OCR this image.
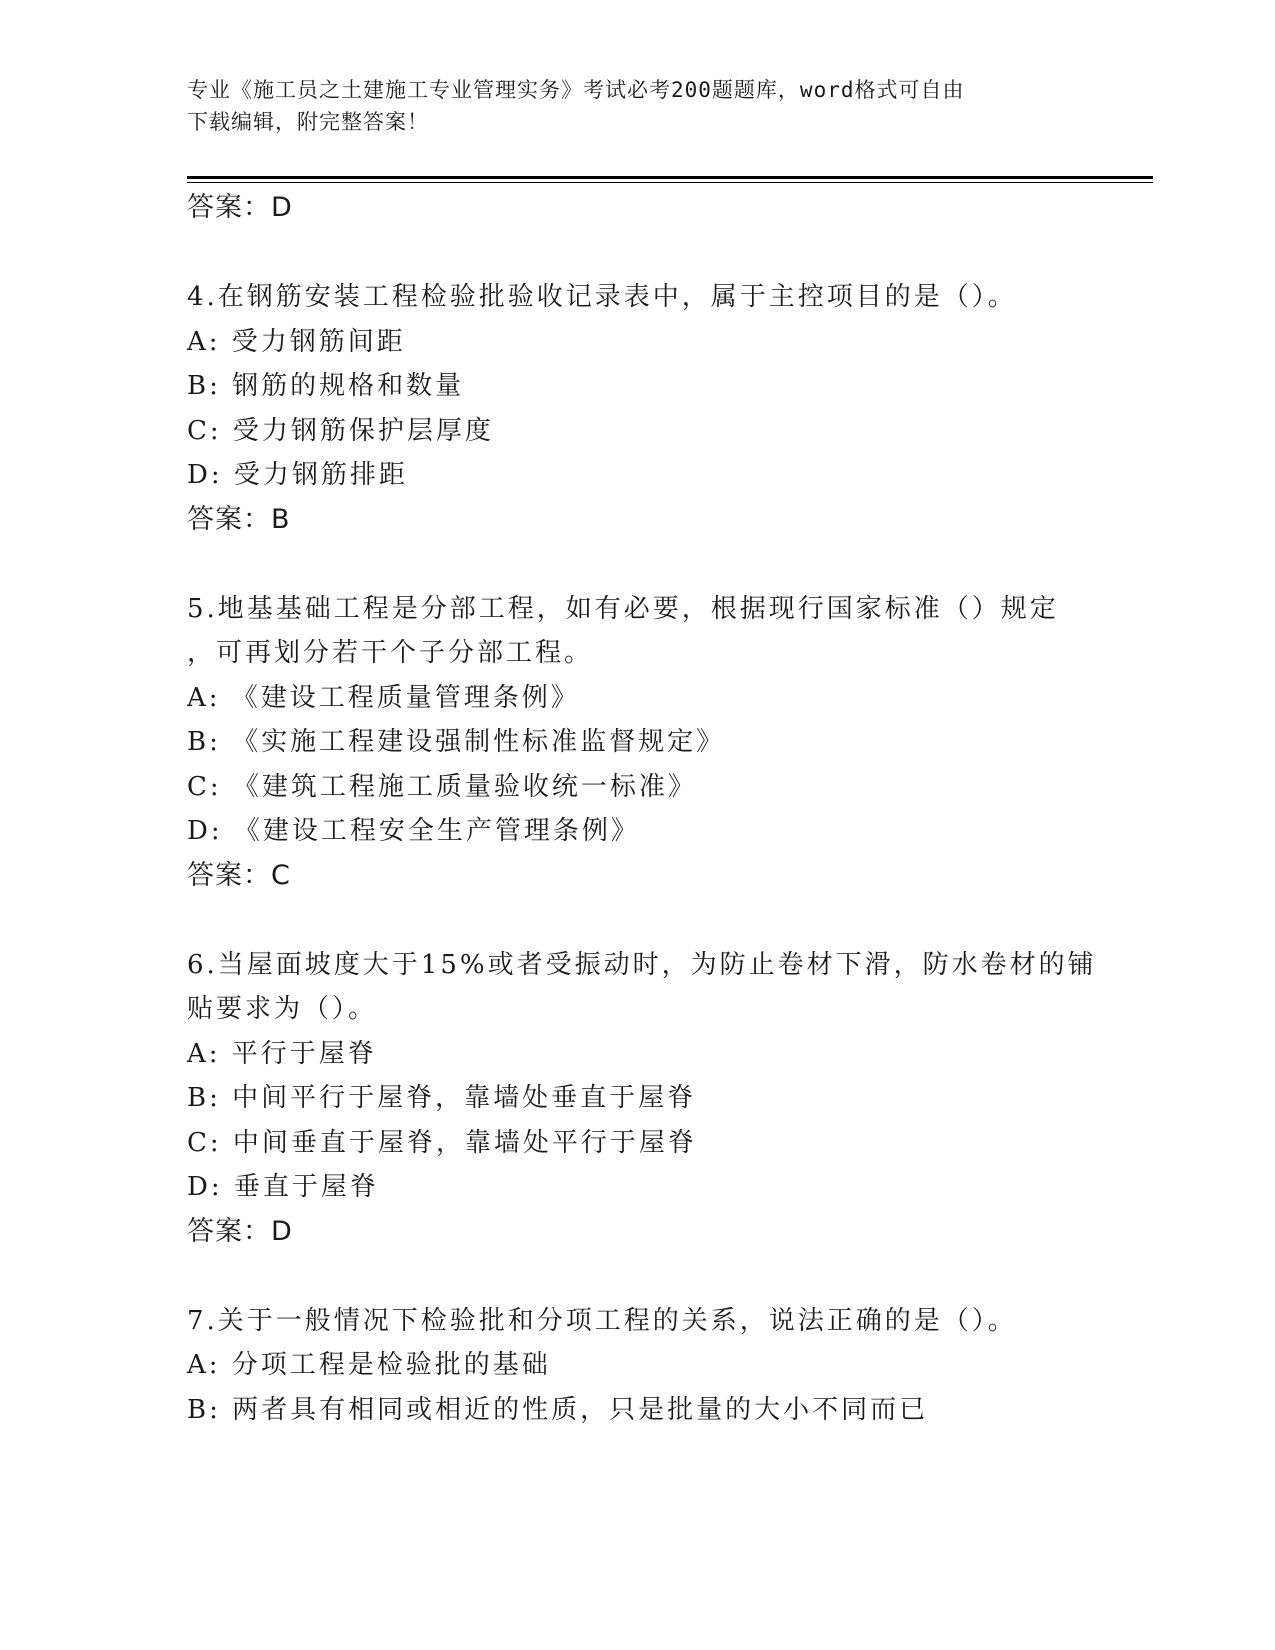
专业《施工员之土建施工专业管理实务》考试必考200题题库，word格式可自由
下载编辑，附完整答案！
答案：D
4.在钢筋安装工程检验批验收记录表中，属于主控项目的是（）。
A: 受力钢筋间距
B: 钢筋的规格和数量
C: 受力钢筋保护层厚度
D: 受力钢筋排距
答案：B
5.地基基础工程是分部工程，如有必要，根据现行国家标准（）规定
，可再划分若干个子分部工程。
A: 《建设工程质量管理条例》
B: 《实施工程建设强制性标准监督规定》
C: 《建筑工程施工质量验收统一标准》
D: 《建设工程安全生产管理条例》
答案：C
6.当屋面坡度大于15%或者受振动时，为防止卷材下滑，防水卷材的铺
贴要求为（）。
A: 平行于屋脊
B: 中间平行于屋脊，靠墙处垂直于屋脊
C: 中间垂直于屋脊，靠墙处平行于屋脊
D: 垂直于屋脊
答案：D
7.关于一般情况下检验批和分项工程的关系，说法正确的是（）。
A: 分项工程是检验批的基础
B: 两者具有相同或相近的性质，只是批量的大小不同而已
